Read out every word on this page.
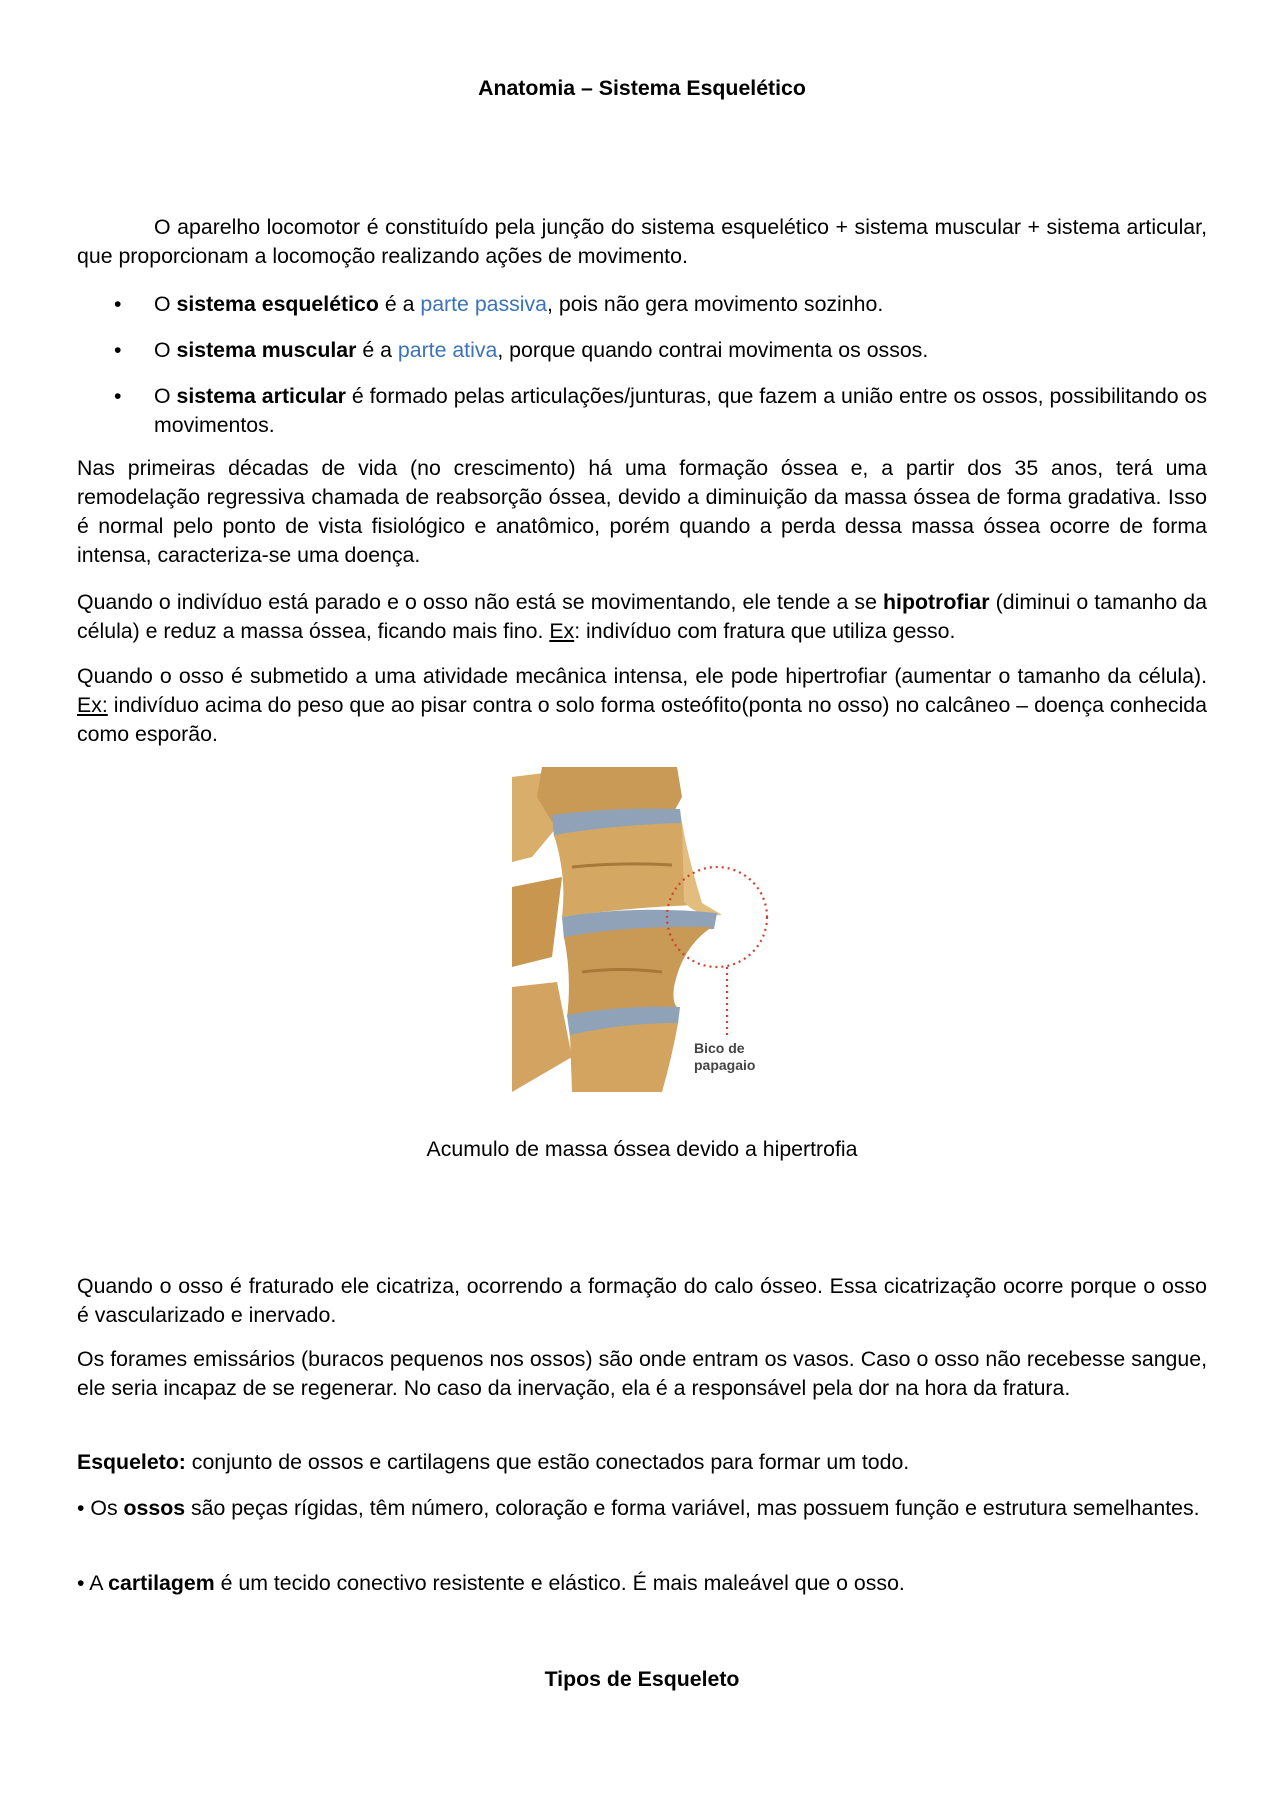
Anatomia – Sistema Esquelético

O aparelho locomotor é constituído pela junção do sistema esquelético + sistema muscular + sistema articular, que proporcionam a locomoção realizando ações de movimento.

• O sistema esquelético é a parte passiva, pois não gera movimento sozinho.
• O sistema muscular é a parte ativa, porque quando contrai movimenta os ossos.
• O sistema articular é formado pelas articulações/junturas, que fazem a união entre os ossos, possibilitando os movimentos.

Nas primeiras décadas de vida (no crescimento) há uma formação óssea e, a partir dos 35 anos, terá uma remodelação regressiva chamada de reabsorção óssea, devido a diminuição da massa óssea de forma gradativa. Isso é normal pelo ponto de vista fisiológico e anatômico, porém quando a perda dessa massa óssea ocorre de forma intensa, caracteriza-se uma doença.

Quando o indivíduo está parado e o osso não está se movimentando, ele tende a se hipotrofiar (diminui o tamanho da célula) e reduz a massa óssea, ficando mais fino. Ex: indivíduo com fratura que utiliza gesso.

Quando o osso é submetido a uma atividade mecânica intensa, ele pode hipertrofiar (aumentar o tamanho da célula). Ex: indivíduo acima do peso que ao pisar contra o solo forma osteófito(ponta no osso) no calcâneo – doença conhecida como esporão.

Bico de
papagaio
Acumulo de massa óssea devido a hipertrofia

Quando o osso é fraturado ele cicatriza, ocorrendo a formação do calo ósseo. Essa cicatrização ocorre porque o osso é vascularizado e inervado.

Os forames emissários (buracos pequenos nos ossos) são onde entram os vasos. Caso o osso não recebesse sangue, ele seria incapaz de se regenerar. No caso da inervação, ela é a responsável pela dor na hora da fratura.

Esqueleto: conjunto de ossos e cartilagens que estão conectados para formar um todo.

• Os ossos são peças rígidas, têm número, coloração e forma variável, mas possuem função e estrutura semelhantes.

• A cartilagem é um tecido conectivo resistente e elástico. É mais maleável que o osso.

Tipos de Esqueleto
